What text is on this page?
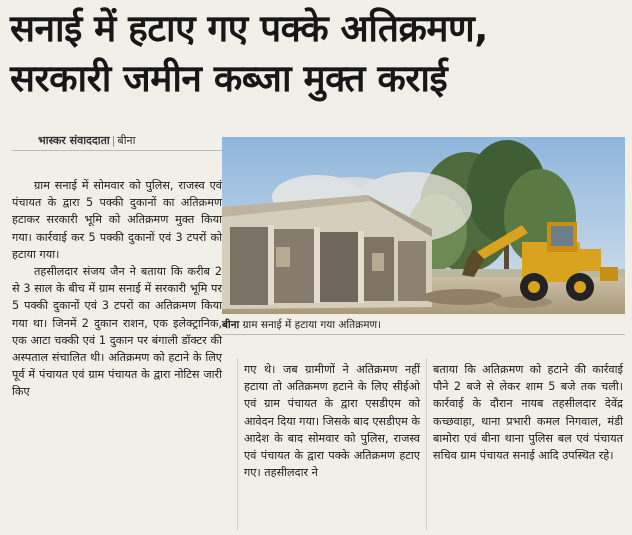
सनाई में हटाए गए पक्के अतिक्रमण,
सरकारी जमीन कब्जा मुक्त कराई
भास्कर संवाददाता | बीना

ग्राम सनाई में सोमवार को पुलिस, राजस्व एवं पंचायत के द्वारा 5 पक्की दुकानों का अतिक्रमण हटाकर सरकारी भूमि को अतिक्रमण मुक्त किया गया। कार्रवाई कर 5 पक्की दुकानों एवं 3 टपरों को हटाया गया।

तहसीलदार संजय जैन ने बताया कि करीब 2 से 3 साल के बीच में ग्राम सनाई में सरकारी भूमि पर 5 पक्की दुकानों एवं 3 टपरों का अतिक्रमण किया गया था। जिनमें 2 दुकान राशन, एक इलेक्ट्रानिक, एक आटा चक्की एवं 1 दुकान पर बंगाली डॉक्टर की अस्पताल संचालित थी। अतिक्रमण को हटाने के लिए पूर्व में पंचायत एवं ग्राम पंचायत के द्वारा नोटिस जारी किए

बीना ग्राम सनाई में हटाया गया अतिक्रमण।

गए थे। जब ग्रामीणों ने अतिक्रमण नहीं हटाया तो अतिक्रमण हटाने के लिए सीईओ एवं ग्राम पंचायत के द्वारा एसडीएम को आवेदन दिया गया। जिसके बाद एसडीएम के आदेश के बाद सोमवार को पुलिस, राजस्व एवं पंचायत के द्वारा पक्के अतिक्रमण हटाए गए। तहसीलदार ने

बताया कि अतिक्रमण को हटाने की कार्रवाई पौने 2 बजे से लेकर शाम 5 बजे तक चली। कार्रवाई के दौरान नायब तहसीलदार देवेंद्र कच्छवाहा, थाना प्रभारी कमल निगवाल, मंडी बामोरा एवं बीना थाना पुलिस बल एवं पंचायत सचिव ग्राम पंचायत सनाई आदि उपस्थित रहे।
